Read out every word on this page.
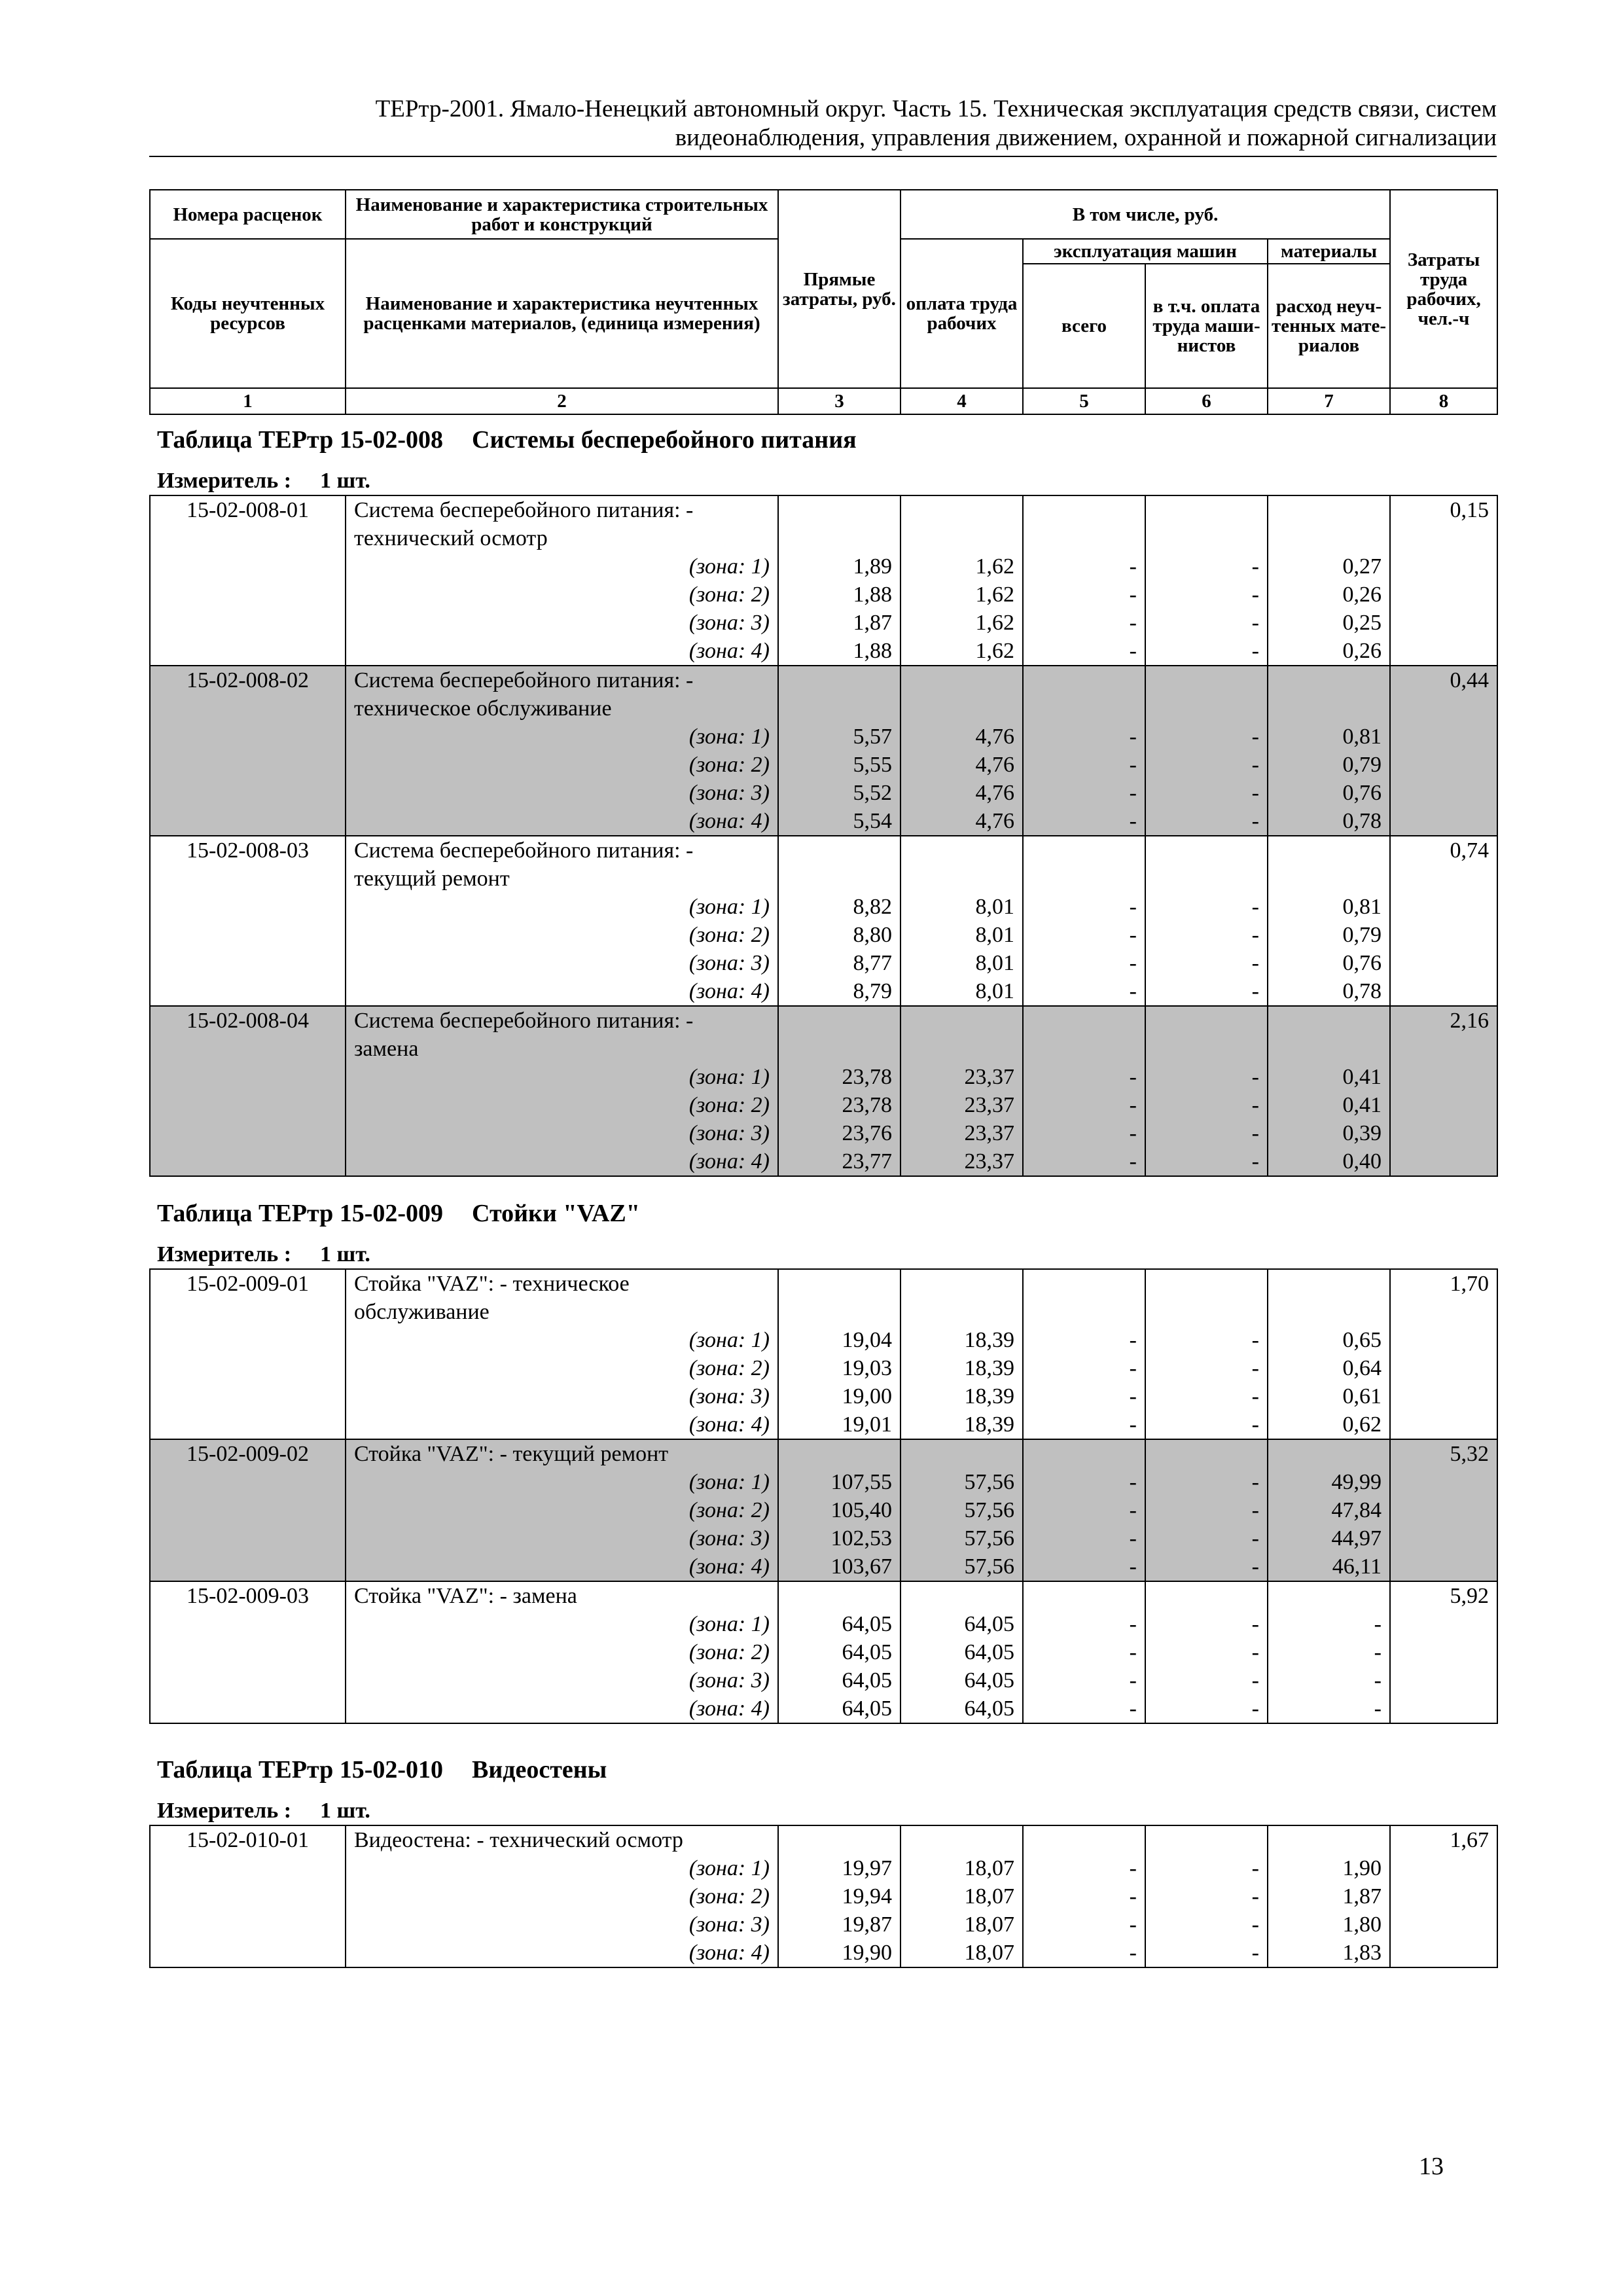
ТЕРтр-2001. Ямало-Ненецкий автономный округ. Часть 15. Техническая эксплуатация средств связи, систем
видеонаблюдения, управления движением, охранной и пожарной сигнализации
Номера расценок	Наименование и характеристика строительных работ и конструкций	Прямые затраты, руб.	В том числе, руб.				Затраты труда рабочих, чел.-ч
Коды неучтенных ресурсов	Наименование и характеристика неучтенных расценками материалов, (единица измерения)		оплата труда рабочих	эксплуатация машин		материалы	
				всего	в т.ч. оплата труда маши-нистов	расход неуч-тенных мате-риалов	
1	2	3	4	5	6	7	8
Таблица ТЕРтр 15-02-008 Системы бесперебойного питания
Измеритель : 1 шт.
15-02-008-01	Система бесперебойного питания: -						0,15
	технический осмотр						
	(зона: 1)	1,89	1,62	-	-	0,27	
	(зона: 2)	1,88	1,62	-	-	0,26	
	(зона: 3)	1,87	1,62	-	-	0,25	
	(зона: 4)	1,88	1,62	-	-	0,26	
15-02-008-02	Система бесперебойного питания: -						0,44
	техническое обслуживание						
	(зона: 1)	5,57	4,76	-	-	0,81	
	(зона: 2)	5,55	4,76	-	-	0,79	
	(зона: 3)	5,52	4,76	-	-	0,76	
	(зона: 4)	5,54	4,76	-	-	0,78	
15-02-008-03	Система бесперебойного питания: -						0,74
	текущий ремонт						
	(зона: 1)	8,82	8,01	-	-	0,81	
	(зона: 2)	8,80	8,01	-	-	0,79	
	(зона: 3)	8,77	8,01	-	-	0,76	
	(зона: 4)	8,79	8,01	-	-	0,78	
15-02-008-04	Система бесперебойного питания: -						2,16
	замена						
	(зона: 1)	23,78	23,37	-	-	0,41	
	(зона: 2)	23,78	23,37	-	-	0,41	
	(зона: 3)	23,76	23,37	-	-	0,39	
	(зона: 4)	23,77	23,37	-	-	0,40	
Таблица ТЕРтр 15-02-009 Стойки "VAZ"
Измеритель : 1 шт.
15-02-009-01	Стойка "VAZ": - техническое						1,70
	обслуживание						
	(зона: 1)	19,04	18,39	-	-	0,65	
	(зона: 2)	19,03	18,39	-	-	0,64	
	(зона: 3)	19,00	18,39	-	-	0,61	
	(зона: 4)	19,01	18,39	-	-	0,62	
15-02-009-02	Стойка "VAZ": - текущий ремонт						5,32
	(зона: 1)	107,55	57,56	-	-	49,99	
	(зона: 2)	105,40	57,56	-	-	47,84	
	(зона: 3)	102,53	57,56	-	-	44,97	
	(зона: 4)	103,67	57,56	-	-	46,11	
15-02-009-03	Стойка "VAZ": - замена						5,92
	(зона: 1)	64,05	64,05	-	-	-	
	(зона: 2)	64,05	64,05	-	-	-	
	(зона: 3)	64,05	64,05	-	-	-	
	(зона: 4)	64,05	64,05	-	-	-	
Таблица ТЕРтр 15-02-010 Видеостены
Измеритель : 1 шт.
15-02-010-01	Видеостена: - технический осмотр						1,67
	(зона: 1)	19,97	18,07	-	-	1,90	
	(зона: 2)	19,94	18,07	-	-	1,87	
	(зона: 3)	19,87	18,07	-	-	1,80	
	(зона: 4)	19,90	18,07	-	-	1,83	
13
